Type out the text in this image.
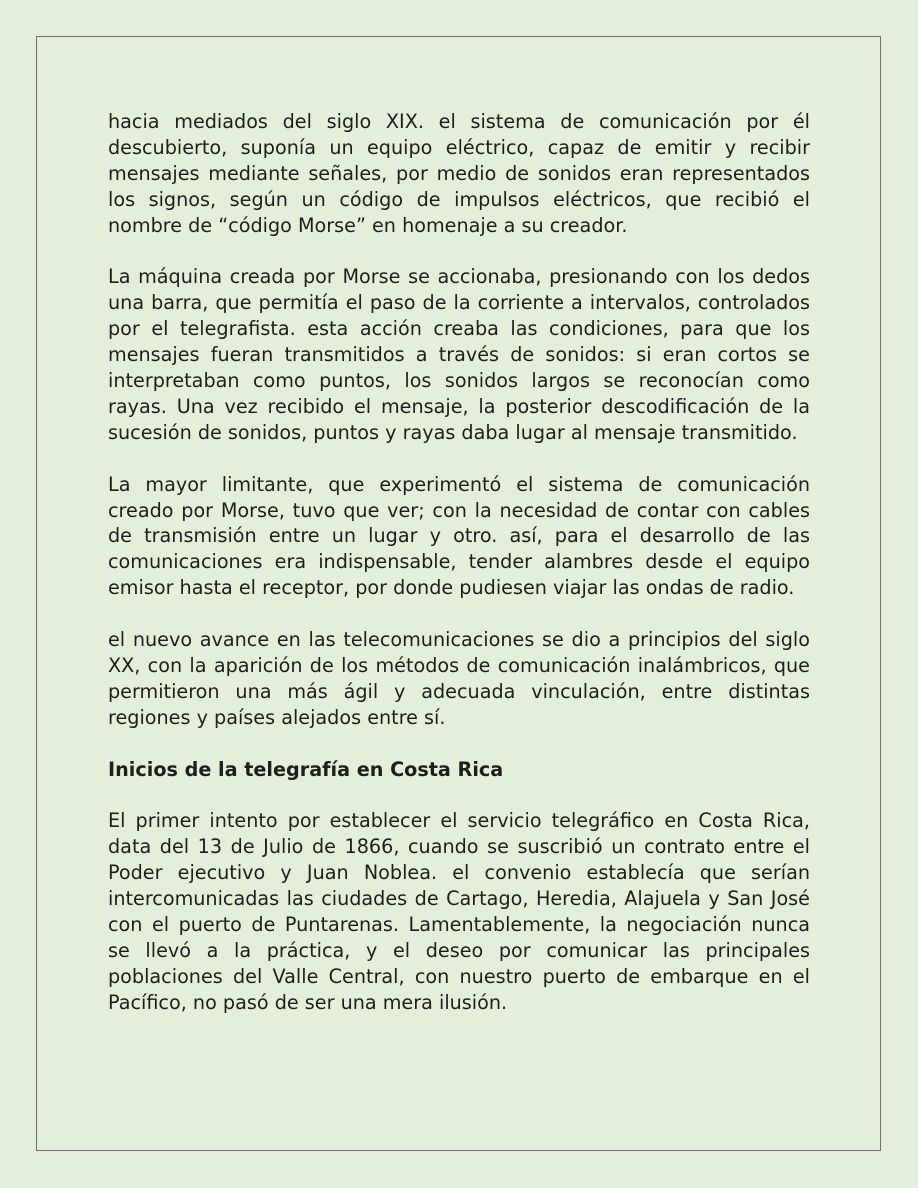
hacia mediados del siglo XIX. el sistema de comunicación por él descubierto, suponía un equipo eléctrico, capaz de emitir y recibir mensajes mediante señales, por medio de sonidos eran representados los signos, según un código de impulsos eléctricos, que recibió el nombre de “código Morse” en homenaje a su creador.

La máquina creada por Morse se accionaba, presionando con los dedos una barra, que permitía el paso de la corriente a intervalos, controlados por el telegrafista. esta acción creaba las condiciones, para que los mensajes fueran transmitidos a través de sonidos: si eran cortos se interpretaban como puntos, los sonidos largos se reconocían como rayas. Una vez recibido el mensaje, la posterior descodificación de la sucesión de sonidos, puntos y rayas daba lugar al mensaje transmitido.

La mayor limitante, que experimentó el sistema de comunicación creado por Morse, tuvo que ver; con la necesidad de contar con cables de transmisión entre un lugar y otro. así, para el desarrollo de las comunicaciones era indispensable, tender alambres desde el equipo emisor hasta el receptor, por donde pudiesen viajar las ondas de radio.

el nuevo avance en las telecomunicaciones se dio a principios del siglo XX, con la aparición de los métodos de comunicación inalámbricos, que permitieron una más ágil y adecuada vinculación, entre distintas regiones y países alejados entre sí.

Inicios de la telegrafía en Costa Rica

El primer intento por establecer el servicio telegráfico en Costa Rica, data del 13 de Julio de 1866, cuando se suscribió un contrato entre el Poder ejecutivo y Juan Noblea. el convenio establecía que serían intercomunicadas las ciudades de Cartago, Heredia, Alajuela y San José con el puerto de Puntarenas. Lamentablemente, la negociación nunca se llevó a la práctica, y el deseo por comunicar las principales poblaciones del Valle Central, con nuestro puerto de embarque en el Pacífico, no pasó de ser una mera ilusión.
